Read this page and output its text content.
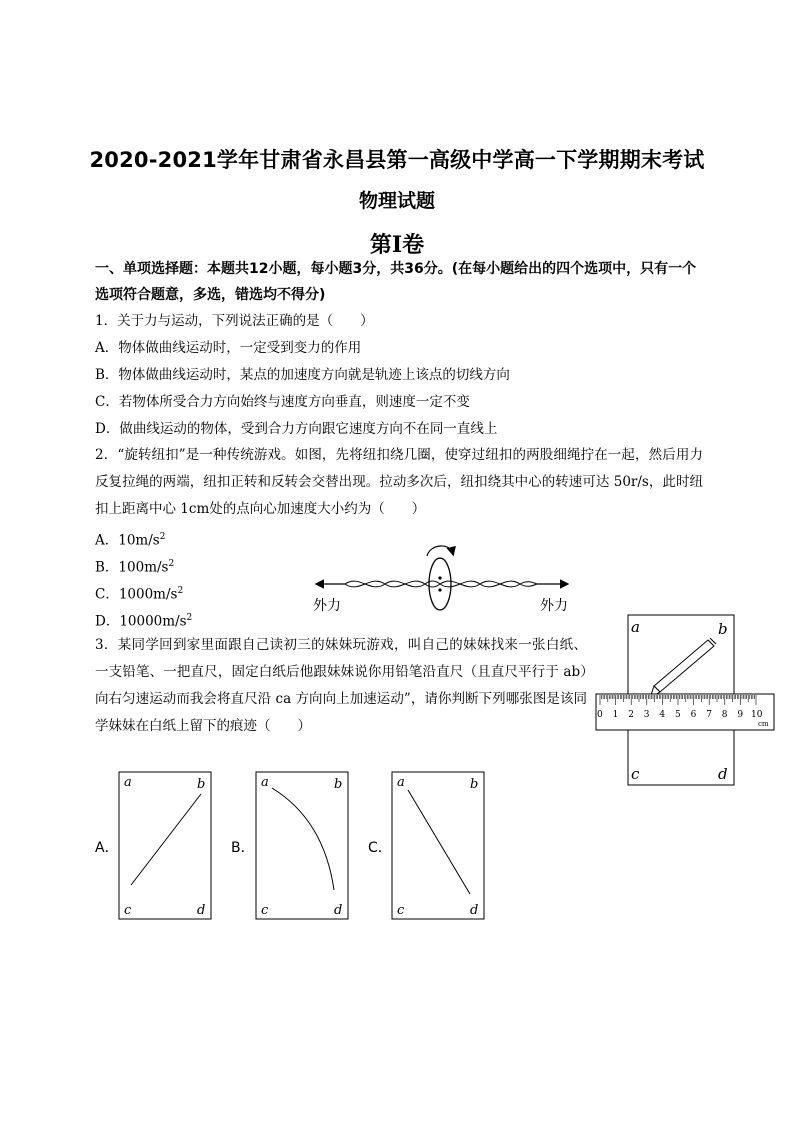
2020-2021学年甘肃省永昌县第一高级中学高一下学期期末考试
物理试题
第Ⅰ卷

一、单项选择题：本题共12小题，每小题3分，共36分。(在每小题给出的四个选项中，只有一个选项符合题意，多选，错选均不得分)

1．关于力与运动，下列说法正确的是（　　）

A．物体做曲线运动时，一定受到变力的作用

B．物体做曲线运动时，某点的加速度方向就是轨迹上该点的切线方向

C．若物体所受合力方向始终与速度方向垂直，则速度一定不变

D．做曲线运动的物体，受到合力方向跟它速度方向不在同一直线上

2．“旋转纽扣”是一种传统游戏。如图，先将纽扣绕几圈，使穿过纽扣的两股细绳拧在一起，然后用力反复拉绳的两端，纽扣正转和反转会交替出现。拉动多次后，纽扣绕其中心的转速可达 50r/s，此时纽扣上距离中心 1cm处的点向心加速度大小约为（　　）

A．$10m/s^2$

B．$100m/s^2$

C．$1000m/s^2$

D．$10000m/s^2$

外力	外力

3．某同学回到家里面跟自己读初三的妹妹玩游戏，叫自己的妹妹找来一张白纸、一支铅笔、一把直尺，固定白纸后他跟妹妹说你用铅笔沿直尺（且直尺平行于 ab）向右匀速运动而我会将直尺沿 ca 方向向上加速运动”，请你判断下列哪张图是该同学妹妹在白纸上留下的痕迹（　　）

a	b
c	d
0 1 2 3 4 5 6 7 8 9 10
cm
A．
a	b
c	d
B．
a	b
c	d
C．
a	b
c	d
